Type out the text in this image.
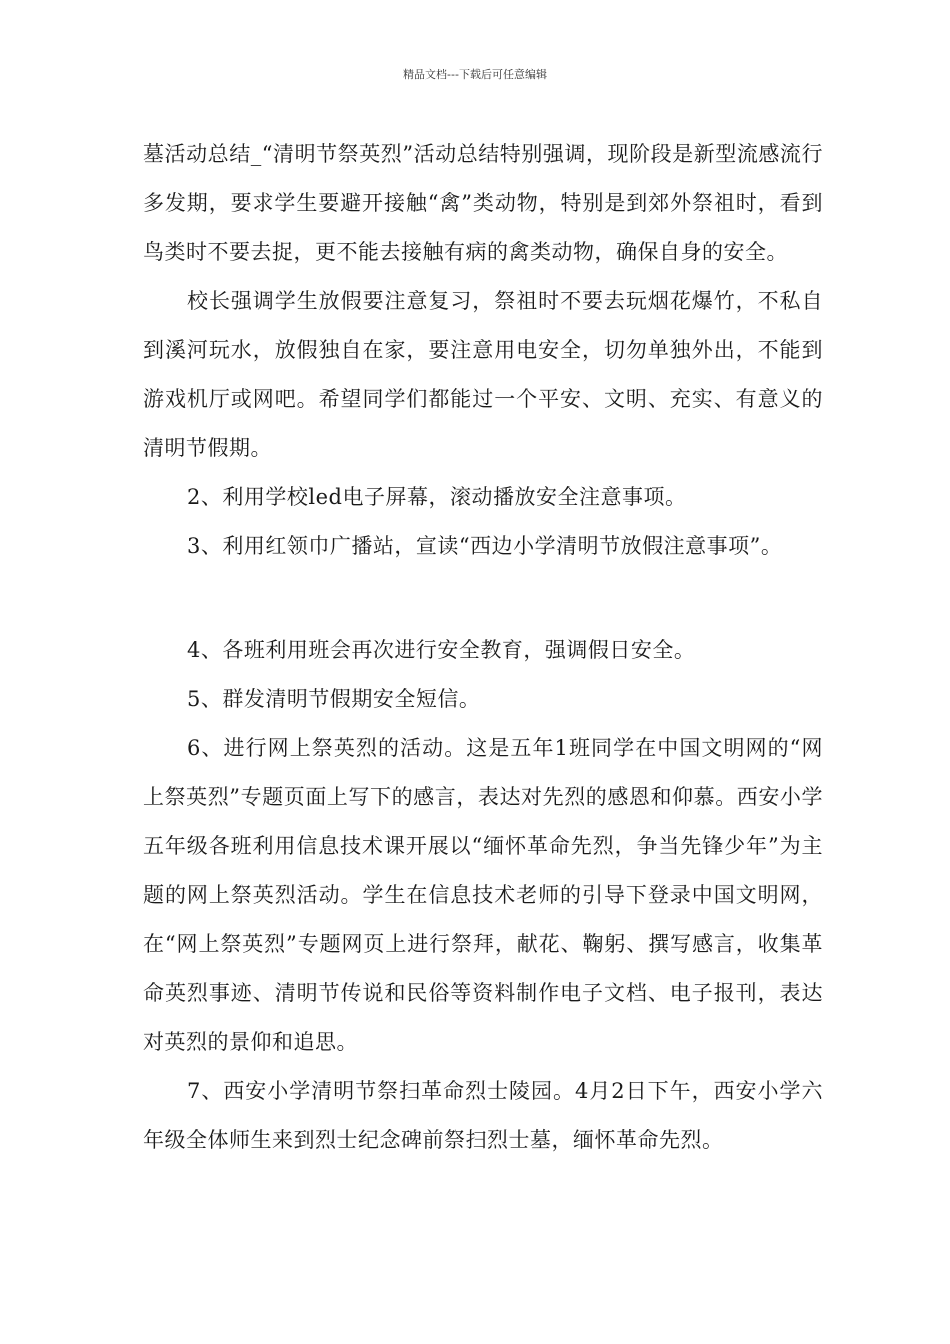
精品文档---下载后可任意编辑

墓活动总结_“清明节祭英烈”活动总结特别强调，现阶段是新型流感流行多发期，要求学生要避开接触“禽”类动物，特别是到郊外祭祖时，看到鸟类时不要去捉，更不能去接触有病的禽类动物，确保自身的安全。

校长强调学生放假要注意复习，祭祖时不要去玩烟花爆竹，不私自到溪河玩水，放假独自在家，要注意用电安全，切勿单独外出，不能到游戏机厅或网吧。希望同学们都能过一个平安、文明、充实、有意义的清明节假期。

2、利用学校led电子屏幕，滚动播放安全注意事项。

3、利用红领巾广播站，宣读“西边小学清明节放假注意事项”。

4、各班利用班会再次进行安全教育，强调假日安全。

5、群发清明节假期安全短信。

6、进行网上祭英烈的活动。这是五年1班同学在中国文明网的“网上祭英烈”专题页面上写下的感言，表达对先烈的感恩和仰慕。西安小学五年级各班利用信息技术课开展以“缅怀革命先烈，争当先锋少年”为主题的网上祭英烈活动。学生在信息技术老师的引导下登录中国文明网，在“网上祭英烈”专题网页上进行祭拜，献花、鞠躬、撰写感言，收集革命英烈事迹、清明节传说和民俗等资料制作电子文档、电子报刊，表达对英烈的景仰和追思。

7、西安小学清明节祭扫革命烈士陵园。4月2日下午，西安小学六年级全体师生来到烈士纪念碑前祭扫烈士墓，缅怀革命先烈。
